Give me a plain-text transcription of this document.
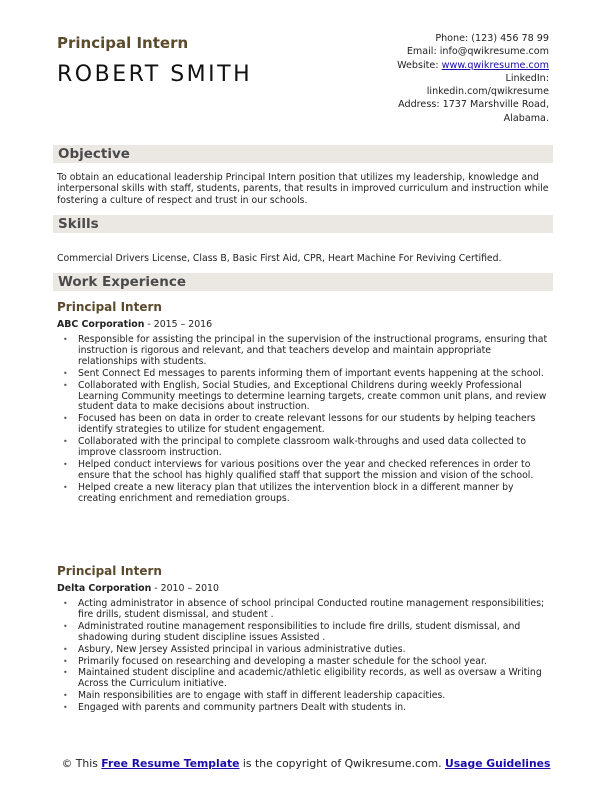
Principal Intern
ROBERT SMITH
Phone: (123) 456 78 99
Email: info@qwikresume.com
Website: www.qwikresume.com
LinkedIn:
linkedin.com/qwikresume
Address: 1737 Marshville Road,
Alabama.
Objective
To obtain an educational leadership Principal Intern position that utilizes my leadership, knowledge and interpersonal skills with staff, students, parents, that results in improved curriculum and instruction while fostering a culture of respect and trust in our schools.
Skills
Commercial Drivers License, Class B, Basic First Aid, CPR, Heart Machine For Reviving Certified.
Work Experience
Principal Intern
ABC Corporation - 2015 – 2016
• Responsible for assisting the principal in the supervision of the instructional programs, ensuring that instruction is rigorous and relevant, and that teachers develop and maintain appropriate relationships with students.
• Sent Connect Ed messages to parents informing them of important events happening at the school.
• Collaborated with English, Social Studies, and Exceptional Childrens during weekly Professional Learning Community meetings to determine learning targets, create common unit plans, and review student data to make decisions about instruction.
• Focused has been on data in order to create relevant lessons for our students by helping teachers identify strategies to utilize for student engagement.
• Collaborated with the principal to complete classroom walk-throughs and used data collected to improve classroom instruction.
• Helped conduct interviews for various positions over the year and checked references in order to ensure that the school has highly qualified staff that support the mission and vision of the school.
• Helped create a new literacy plan that utilizes the intervention block in a different manner by creating enrichment and remediation groups.
Principal Intern
Delta Corporation - 2010 – 2010
• Acting administrator in absence of school principal Conducted routine management responsibilities; fire drills, student dismissal, and student .
• Administrated routine management responsibilities to include fire drills, student dismissal, and shadowing during student discipline issues Assisted .
• Asbury, New Jersey Assisted principal in various administrative duties.
• Primarily focused on researching and developing a master schedule for the school year.
• Maintained student discipline and academic/athletic eligibility records, as well as oversaw a Writing Across the Curriculum initiative.
• Main responsibilities are to engage with staff in different leadership capacities.
• Engaged with parents and community partners Dealt with students in.
© This Free Resume Template is the copyright of Qwikresume.com. Usage Guidelines
